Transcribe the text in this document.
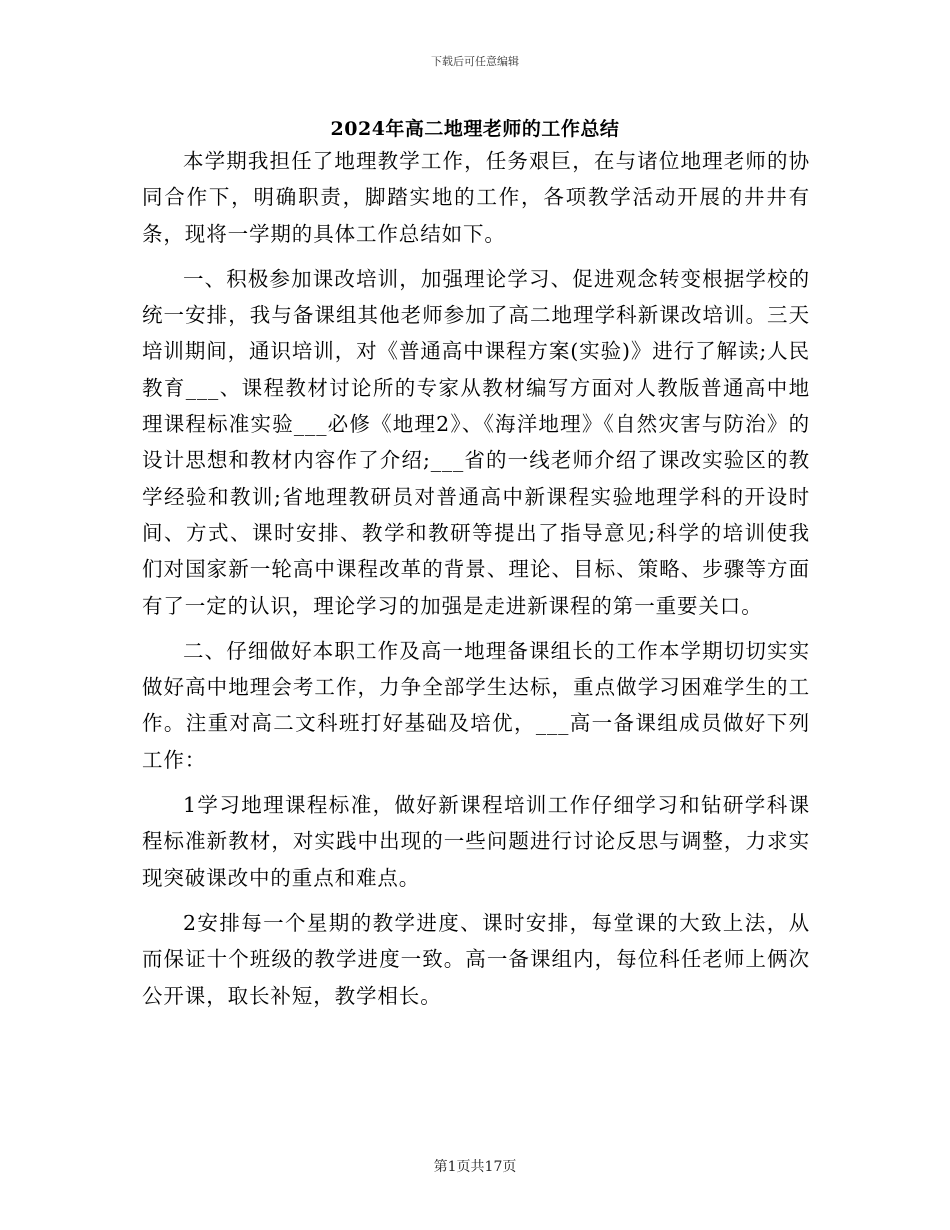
下载后可任意编辑
2024年高二地理老师的工作总结

本学期我担任了地理教学工作，任务艰巨，在与诸位地理老师的协同合作下，明确职责，脚踏实地的工作，各项教学活动开展的井井有条，现将一学期的具体工作总结如下。

一、积极参加课改培训，加强理论学习、促进观念转变根据学校的统一安排，我与备课组其他老师参加了高二地理学科新课改培训。三天培训期间，通识培训，对《普通高中课程方案(实验)》进行了解读;人民教育___、课程教材讨论所的专家从教材编写方面对人教版普通高中地理课程标准实验___必修《地理2》、《海洋地理》《自然灾害与防治》的设计思想和教材内容作了介绍;___省的一线老师介绍了课改实验区的教学经验和教训;省地理教研员对普通高中新课程实验地理学科的开设时间、方式、课时安排、教学和教研等提出了指导意见;科学的培训使我们对国家新一轮高中课程改革的背景、理论、目标、策略、步骤等方面有了一定的认识，理论学习的加强是走进新课程的第一重要关口。

二、仔细做好本职工作及高一地理备课组长的工作本学期切切实实做好高中地理会考工作，力争全部学生达标，重点做学习困难学生的工作。注重对高二文科班打好基础及培优，___高一备课组成员做好下列工作：

1学习地理课程标准，做好新课程培训工作仔细学习和钻研学科课程标准新教材，对实践中出现的一些问题进行讨论反思与调整，力求实现突破课改中的重点和难点。

2安排每一个星期的教学进度、课时安排，每堂课的大致上法，从而保证十个班级的教学进度一致。高一备课组内，每位科任老师上俩次公开课，取长补短，教学相长。

第1页共17页
